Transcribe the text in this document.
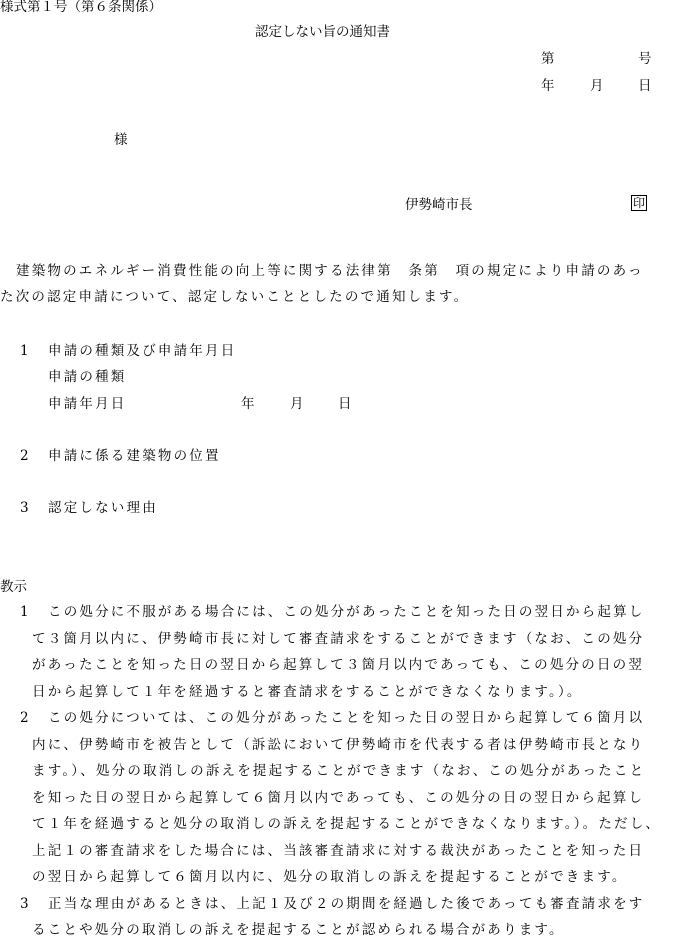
様式第１号（第６条関係）
認定しない旨の通知書
第	号
年	月	日
様
伊勢崎市長	印
建築物のエネルギー消費性能の向上等に関する法律第　条第　項の規定により申請のあっ
た次の認定申請について、認定しないこととしたので通知します。
1 申請の種類及び申請年月日
申請の種類
申請年月日	年	月	日
2 申請に係る建築物の位置
3 認定しない理由
教示
1 この処分に不服がある場合には、この処分があったことを知った日の翌日から起算し
て３箇月以内に、伊勢崎市長に対して審査請求をすることができます（なお、この処分
があったことを知った日の翌日から起算して３箇月以内であっても、この処分の日の翌
日から起算して１年を経過すると審査請求をすることができなくなります。）。
2 この処分については、この処分があったことを知った日の翌日から起算して６箇月以
内に、伊勢崎市を被告として（訴訟において伊勢崎市を代表する者は伊勢崎市長となり
ます。）、処分の取消しの訴えを提起することができます（なお、この処分があったこと
を知った日の翌日から起算して６箇月以内であっても、この処分の日の翌日から起算し
て１年を経過すると処分の取消しの訴えを提起することができなくなります。）。ただし、
上記１の審査請求をした場合には、当該審査請求に対する裁決があったことを知った日
の翌日から起算して６箇月以内に、処分の取消しの訴えを提起することができます。
3 正当な理由があるときは、上記１及び２の期間を経過した後であっても審査請求をす
ることや処分の取消しの訴えを提起することが認められる場合があります。
